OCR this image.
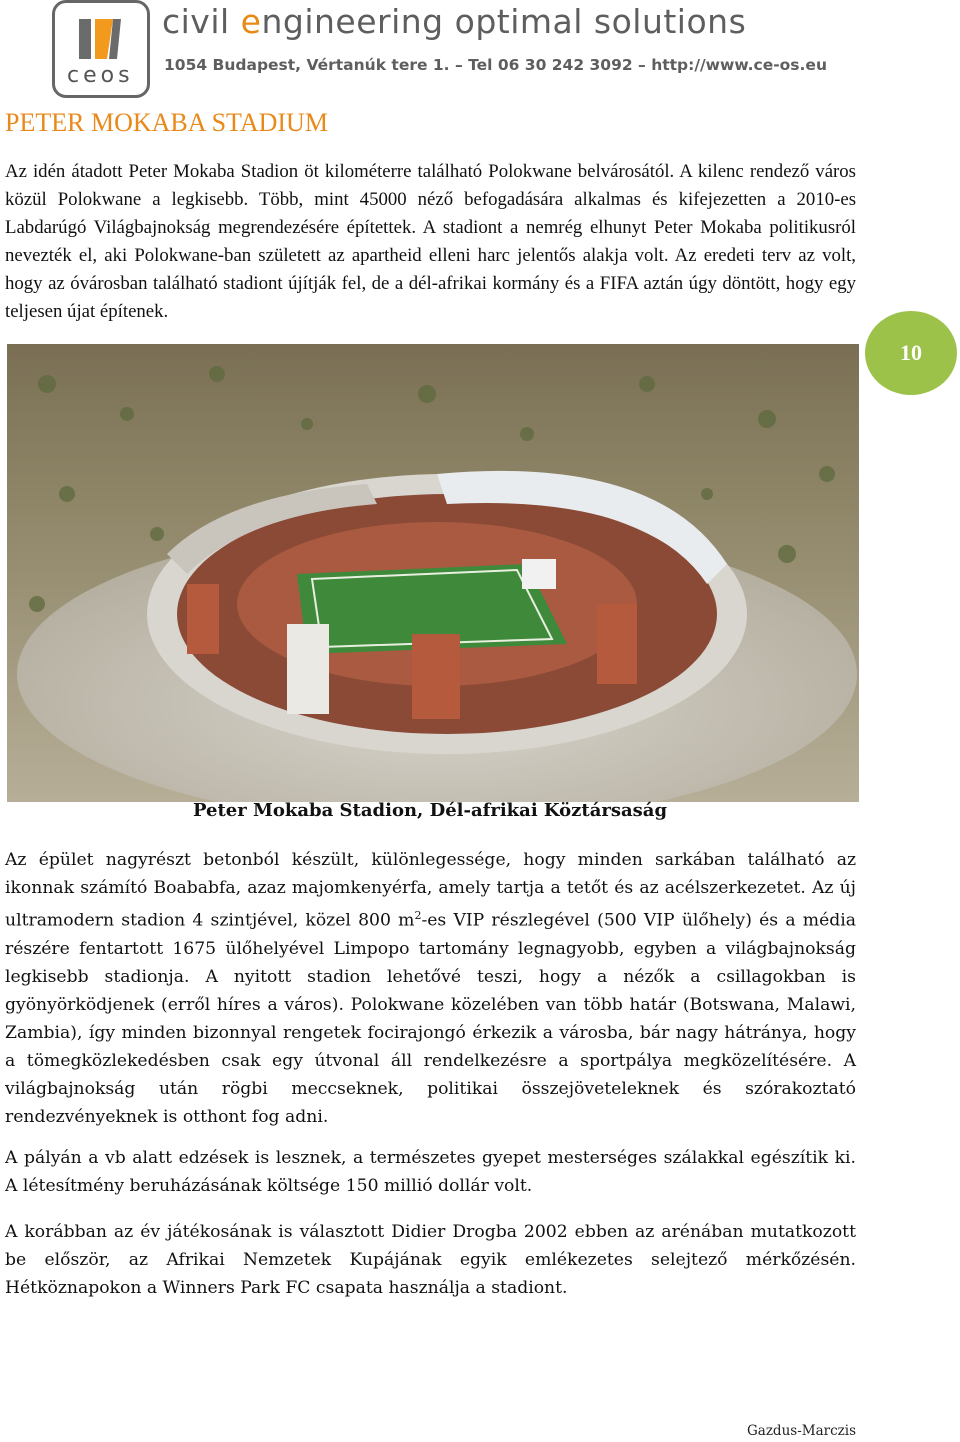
ceos
civil engineering optimal solutions
1054 Budapest, Vértanúk tere 1. – Tel 06 30 242 3092 – http://www.ce-os.eu
PETER MOKABA STADIUM

Az idén átadott Peter Mokaba Stadion öt kilométerre található Polokwane belvárosától. A kilenc rendező város közül Polokwane a legkisebb. Több, mint 45000 néző befogadására alkalmas és kifejezetten a 2010-es Labdarúgó Világbajnokság megrendezésére építettek. A stadiont a nemrég elhunyt Peter Mokaba politikusról nevezték el, aki Polokwane-ban született az apartheid elleni harc jelentős alakja volt. Az eredeti terv az volt, hogy az óvárosban található stadiont újítják fel, de a dél-afrikai kormány és a FIFA aztán úgy döntött, hogy egy teljesen újat építenek.

10

Peter Mokaba Stadion, Dél-afrikai Köztársaság

Az épület nagyrészt betonból készült, különlegessége, hogy minden sarkában található az ikonnak számító Boababfa, azaz majomkenyérfa, amely tartja a tetőt és az acélszerkezetet. Az új ultramodern stadion 4 szintjével, közel 800 $m^2-es$ VIP részlegével (500 VIP ülőhely) és a média részére fentartott 1675 ülőhelyével Limpopo tartomány legnagyobb, egyben a világbajnokság legkisebb stadionja. A nyitott stadion lehetővé teszi, hogy a nézők a csillagokban is gyönyörködjenek (erről híres a város). Polokwane közelében van több határ (Botswana, Malawi, Zambia), így minden bizonnyal rengetek focirajongó érkezik a városba, bár nagy hátránya, hogy a tömegközlekedésben csak egy útvonal áll rendelkezésre a sportpálya megközelítésére. A világbajnokság után rögbi meccseknek, politikai összejöveteleknek és szórakoztató rendezvényeknek is otthont fog adni.

A pályán a vb alatt edzések is lesznek, a természetes gyepet mesterséges szálakkal egészítik ki. A létesítmény beruházásának költsége 150 millió dollár volt.

A korábban az év játékosának is választott Didier Drogba 2002 ebben az arénában mutatkozott be először, az Afrikai Nemzetek Kupájának egyik emlékezetes selejtező mérkőzésén. Hétköznapokon a Winners Park FC csapata használja a stadiont.

Gazdus-Marczis
